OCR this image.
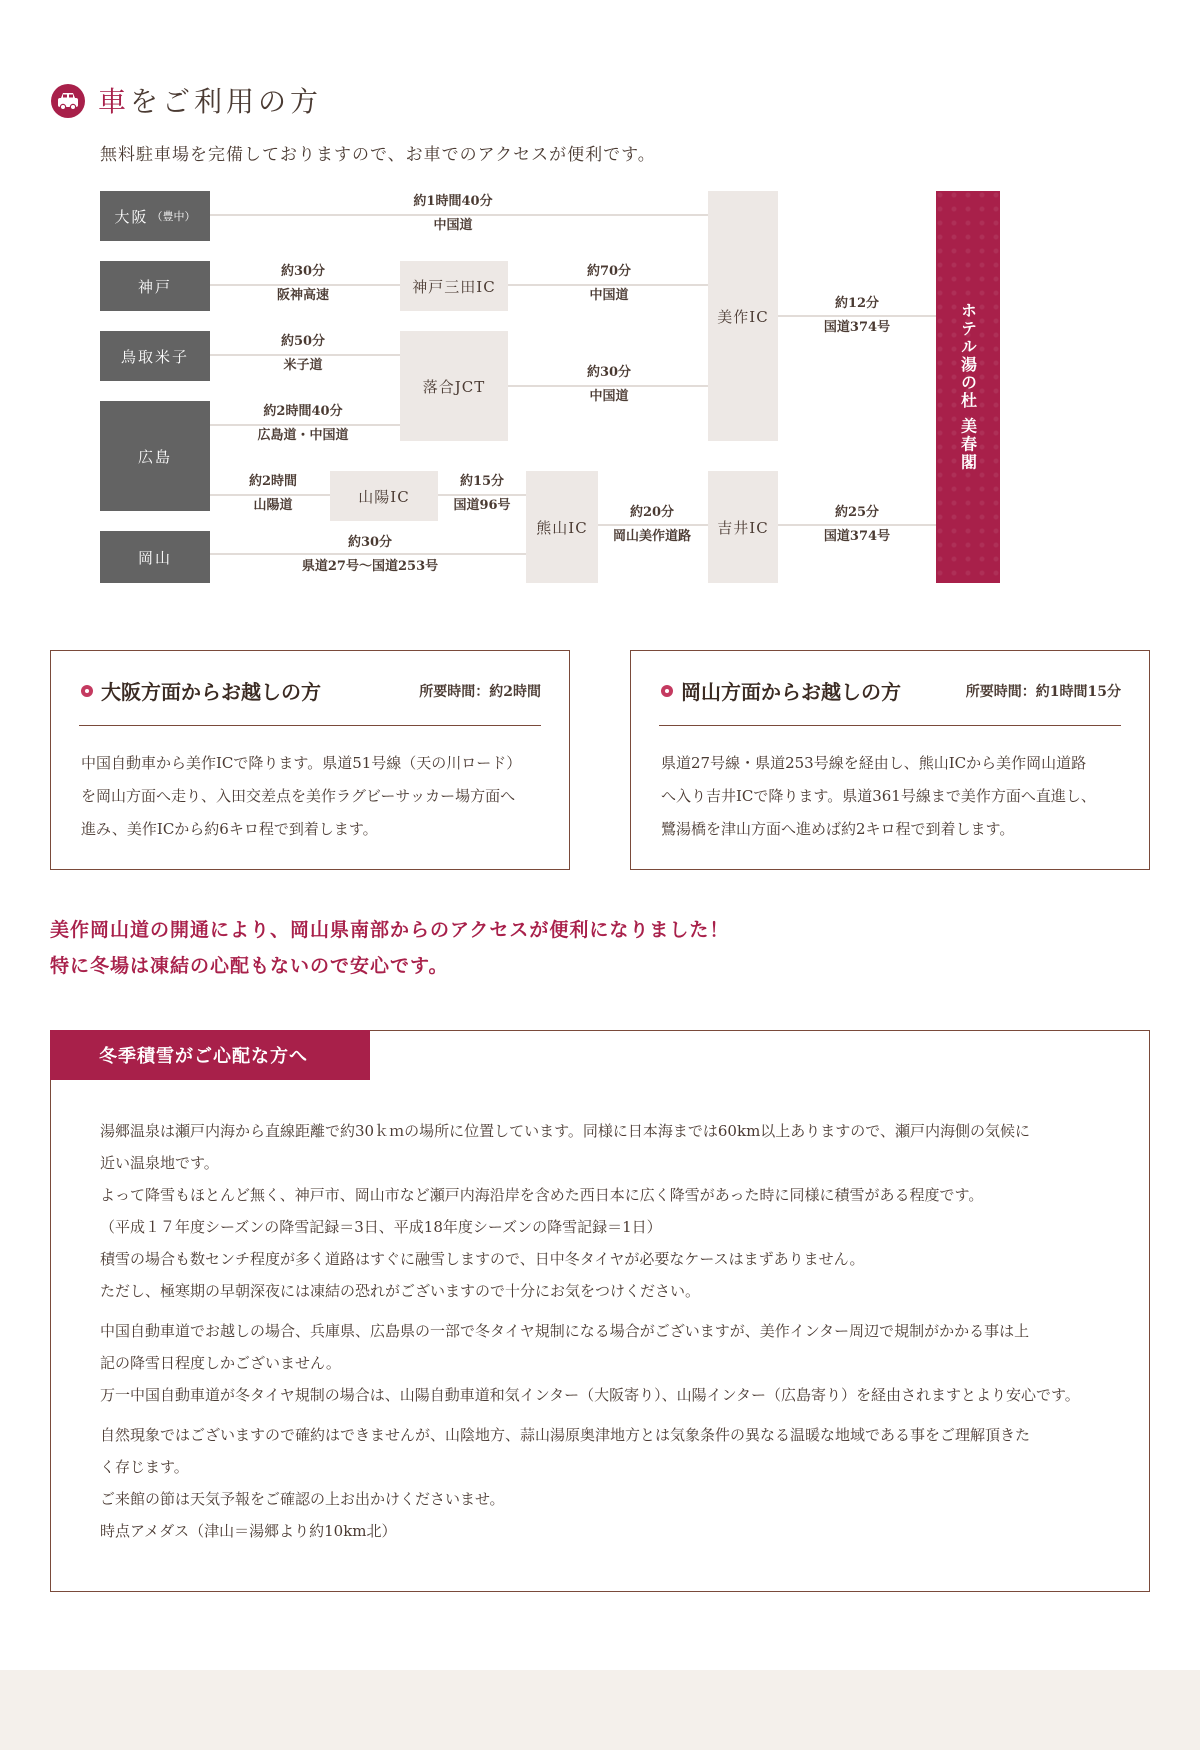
車をご利用の方
無料駐車場を完備しておりますので、お車でのアクセスが便利です。
大阪 （豊中）
神戸
鳥取米子
広島
岡山
神戸三田IC
落合JCT
山陽IC
熊山IC
美作IC
吉井IC
ホテル湯の杜 美春閣
約1時間40分
中国道
約30分
阪神高速
約70分
中国道
約50分
米子道	約30分
中国道
約2時間40分
広島道・中国道
約2時間
山陽道
約15分
国道96号	約20分
岡山美作道路
約30分
県道27号〜国道253号
約12分
国道374号
約25分
国道374号
大阪方面からお越しの方	所要時間：約2時間

中国自動車から美作ICで降ります。県道51号線（天の川ロード）
を岡山方面へ走り、入田交差点を美作ラグビーサッカー場方面へ
進み、美作ICから約6キロ程で到着します。

岡山方面からお越しの方	所要時間：約1時間15分

県道27号線・県道253号線を経由し、熊山ICから美作岡山道路
へ入り吉井ICで降ります。県道361号線まで美作方面へ直進し、
鷺湯橋を津山方面へ進めば約2キロ程で到着します。

美作岡山道の開通により、岡山県南部からのアクセスが便利になりました！
特に冬場は凍結の心配もないので安心です。
冬季積雪がご心配な方へ

湯郷温泉は瀬戸内海から直線距離で約30ｋｍの場所に位置しています。同様に日本海までは60km以上ありますので、瀬戸内海側の気候に
近い温泉地です。
よって降雪もほとんど無く、神戸市、岡山市など瀬戸内海沿岸を含めた西日本に広く降雪があった時に同様に積雪がある程度です。
（平成１７年度シーズンの降雪記録＝3日、平成18年度シーズンの降雪記録＝1日）
積雪の場合も数センチ程度が多く道路はすぐに融雪しますので、日中冬タイヤが必要なケースはまずありません。
ただし、極寒期の早朝深夜には凍結の恐れがございますので十分にお気をつけください。

中国自動車道でお越しの場合、兵庫県、広島県の一部で冬タイヤ規制になる場合がございますが、美作インター周辺で規制がかかる事は上
記の降雪日程度しかございません。
万一中国自動車道が冬タイヤ規制の場合は、山陽自動車道和気インター（大阪寄り）、山陽インター（広島寄り）を経由されますとより安心です。

自然現象ではございますので確約はできませんが、山陰地方、蒜山湯原奥津地方とは気象条件の異なる温暖な地域である事をご理解頂きた
く存じます。
ご来館の節は天気予報をご確認の上お出かけくださいませ。
時点アメダス（津山＝湯郷より約10km北）
